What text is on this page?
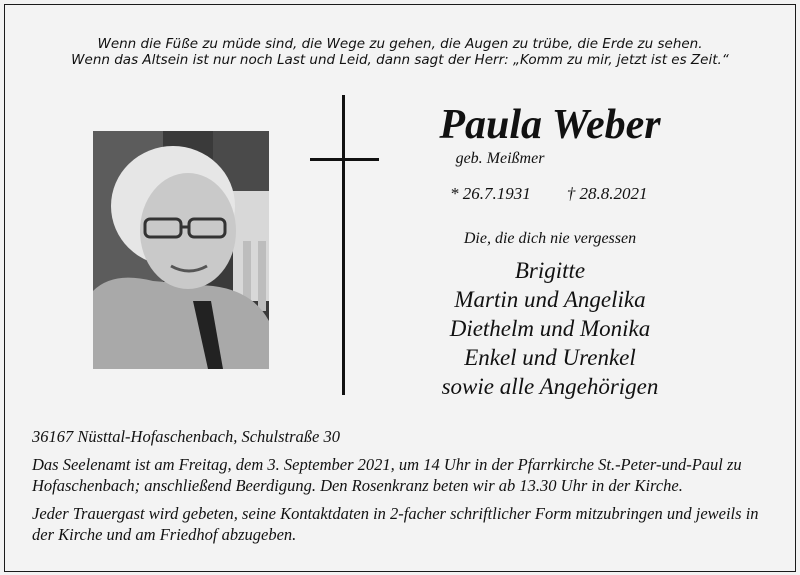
Wenn die Füße zu müde sind, die Wege zu gehen, die Augen zu trübe, die Erde zu sehen.
Wenn das Altsein ist nur noch Last und Leid, dann sagt der Herr: „Komm zu mir, jetzt ist es Zeit.“
Paula Weber
geb. Meißmer
* 26.7.1931 † 28.8.2021
Die, die dich nie vergessen
Brigitte
Martin und Angelika
Diethelm und Monika
Enkel und Urenkel
sowie alle Angehörigen
36167 Nüsttal-Hofaschenbach, Schulstraße 30
Das Seelenamt ist am Freitag, dem 3. September 2021, um 14 Uhr in der Pfarrkirche St.-Peter-und-Paul zu Hofaschenbach; anschließend Beerdigung. Den Rosenkranz beten wir ab 13.30 Uhr in der Kirche.
Jeder Trauergast wird gebeten, seine Kontaktdaten in 2-facher schriftlicher Form mitzubringen und jeweils in der Kirche und am Friedhof abzugeben.
